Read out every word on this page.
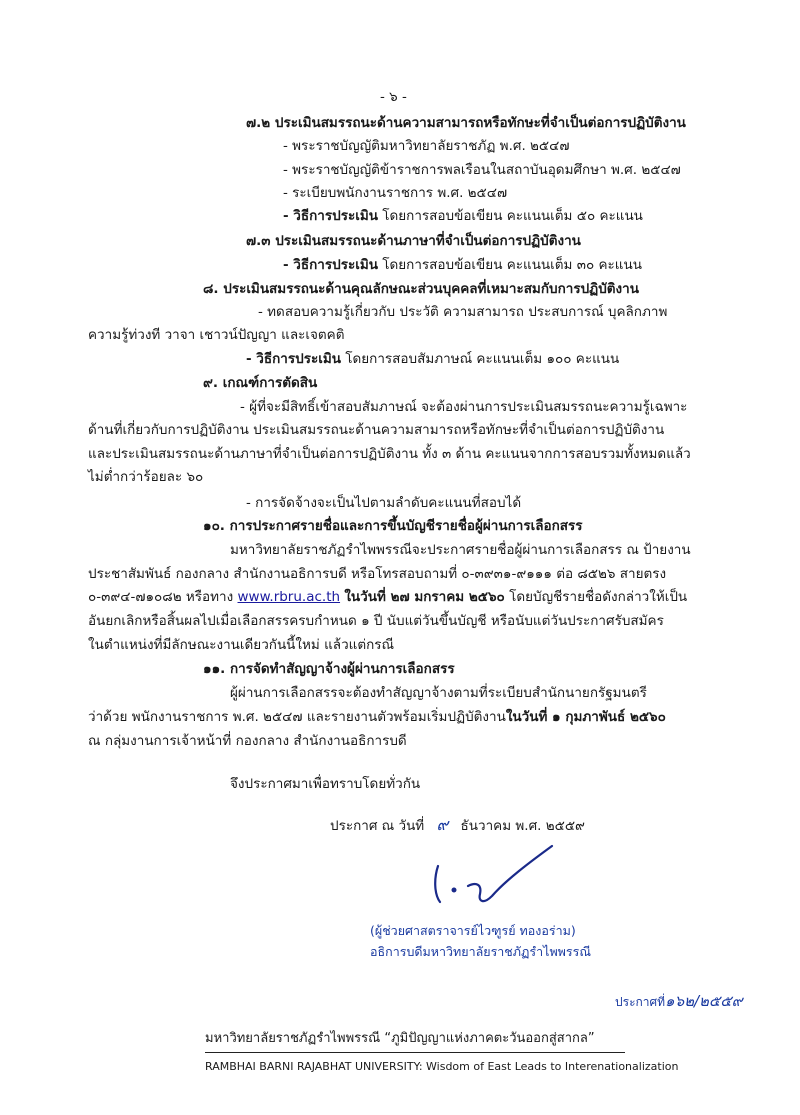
- ๖ -
๗.๒ ประเมินสมรรถนะด้านความสามารถหรือทักษะที่จำเป็นต่อการปฏิบัติงาน
- พระราชบัญญัติมหาวิทยาลัยราชภัฏ พ.ศ. ๒๕๔๗
- พระราชบัญญัติข้าราชการพลเรือนในสถาบันอุดมศึกษา พ.ศ. ๒๕๔๗
- ระเบียบพนักงานราชการ พ.ศ. ๒๕๔๗
- วิธีการประเมิน โดยการสอบข้อเขียน คะแนนเต็ม ๕๐ คะแนน
๗.๓ ประเมินสมรรถนะด้านภาษาที่จำเป็นต่อการปฏิบัติงาน
- วิธีการประเมิน โดยการสอบข้อเขียน คะแนนเต็ม ๓๐ คะแนน
๘. ประเมินสมรรถนะด้านคุณลักษณะส่วนบุคคลที่เหมาะสมกับการปฏิบัติงาน
- ทดสอบความรู้เกี่ยวกับ ประวัติ ความสามารถ ประสบการณ์ บุคลิกภาพ
ความรู้ท่วงที วาจา เชาวน์ปัญญา และเจตคติ
- วิธีการประเมิน โดยการสอบสัมภาษณ์ คะแนนเต็ม ๑๐๐ คะแนน
๙. เกณฑ์การตัดสิน
- ผู้ที่จะมีสิทธิ์เข้าสอบสัมภาษณ์ จะต้องผ่านการประเมินสมรรถนะความรู้เฉพาะ
ด้านที่เกี่ยวกับการปฏิบัติงาน ประเมินสมรรถนะด้านความสามารถหรือทักษะที่จำเป็นต่อการปฏิบัติงาน
และประเมินสมรรถนะด้านภาษาที่จำเป็นต่อการปฏิบัติงาน ทั้ง ๓ ด้าน คะแนนจากการสอบรวมทั้งหมดแล้ว
ไม่ต่ำกว่าร้อยละ ๖๐
- การจัดจ้างจะเป็นไปตามลำดับคะแนนที่สอบได้
๑๐. การประกาศรายชื่อและการขึ้นบัญชีรายชื่อผู้ผ่านการเลือกสรร
มหาวิทยาลัยราชภัฏรำไพพรรณีจะประกาศรายชื่อผู้ผ่านการเลือกสรร ณ ป้ายงาน
ประชาสัมพันธ์ กองกลาง สำนักงานอธิการบดี หรือโทรสอบถามที่ ๐-๓๙๓๑-๙๑๑๑ ต่อ ๘๕๒๖ สายตรง
๐-๓๙๔-๗๑๐๘๒ หรือทาง www.rbru.ac.th ในวันที่ ๒๗ มกราคม ๒๕๖๐ โดยบัญชีรายชื่อดังกล่าวให้เป็น
อันยกเลิกหรือสิ้นผลไปเมื่อเลือกสรรครบกำหนด ๑ ปี นับแต่วันขึ้นบัญชี หรือนับแต่วันประกาศรับสมัคร
ในตำแหน่งที่มีลักษณะงานเดียวกันนี้ใหม่ แล้วแต่กรณี
๑๑. การจัดทำสัญญาจ้างผู้ผ่านการเลือกสรร
ผู้ผ่านการเลือกสรรจะต้องทำสัญญาจ้างตามที่ระเบียบสำนักนายกรัฐมนตรี
ว่าด้วย พนักงานราชการ พ.ศ. ๒๕๔๗ และรายงานตัวพร้อมเริ่มปฏิบัติงานในวันที่ ๑ กุมภาพันธ์ ๒๕๖๐
ณ กลุ่มงานการเจ้าหน้าที่ กองกลาง สำนักงานอธิการบดี
จึงประกาศมาเพื่อทราบโดยทั่วกัน
ประกาศ ณ วันที่ ๙ ธันวาคม พ.ศ. ๒๕๕๙
(ผู้ช่วยศาสตราจารย์ไวฑูรย์ ทองอร่าม)
อธิการบดีมหาวิทยาลัยราชภัฏรำไพพรรณี
ประกาศที่๑๖๒/๒๕๕๙
มหาวิทยาลัยราชภัฏรำไพพรรณี “ภูมิปัญญาแห่งภาคตะวันออกสู่สากล”
RAMBHAI BARNI RAJABHAT UNIVERSITY: Wisdom of East Leads to Interenationalization
